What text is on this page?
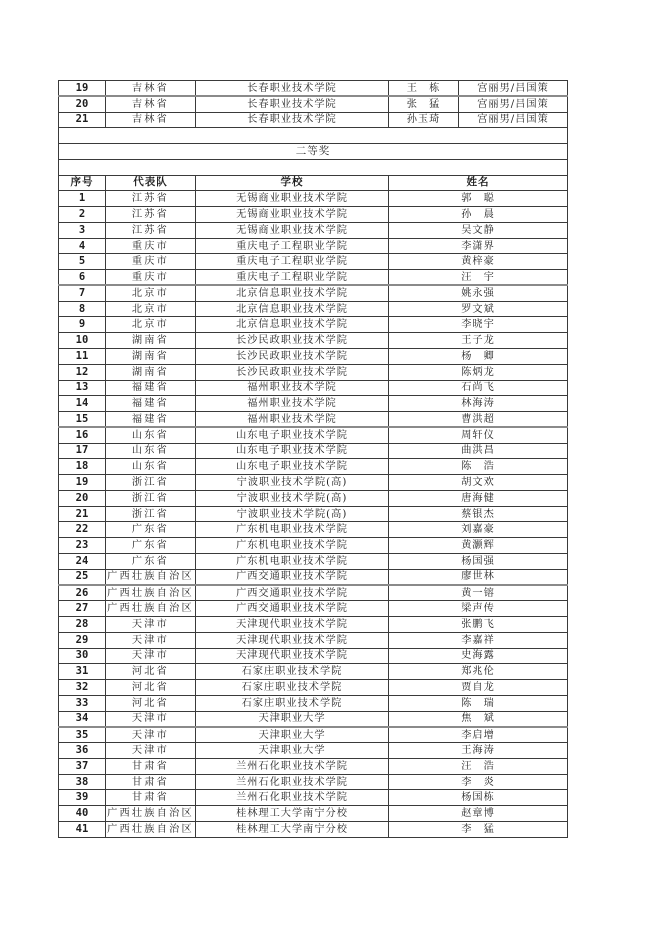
19	吉林省	长春职业技术学院	王　栋	宫丽男/吕国策
20	吉林省	长春职业技术学院	张　猛	宫丽男/吕国策
21	吉林省	长春职业技术学院	孙玉琦	宫丽男/吕国策

二等奖				

序号	代表队	学校	姓名	
1	江苏省	无锡商业职业技术学院	郭　聪	
2	江苏省	无锡商业职业技术学院	孙　晨	
3	江苏省	无锡商业职业技术学院	吴文静	
4	重庆市	重庆电子工程职业学院	李潇界	
5	重庆市	重庆电子工程职业学院	黄梓豪	
6	重庆市	重庆电子工程职业学院	汪　宇	
7	北京市	北京信息职业技术学院	姚永强	
8	北京市	北京信息职业技术学院	罗文斌	
9	北京市	北京信息职业技术学院	李晓宇	
10	湖南省	长沙民政职业技术学院	王子龙	
11	湖南省	长沙民政职业技术学院	杨　卿	
12	湖南省	长沙民政职业技术学院	陈炳龙	
13	福建省	福州职业技术学院	石尚飞	
14	福建省	福州职业技术学院	林海涛	
15	福建省	福州职业技术学院	曹洪超	
16	山东省	山东电子职业技术学院	周轩仪	
17	山东省	山东电子职业技术学院	曲洪昌	
18	山东省	山东电子职业技术学院	陈　浩	
19	浙江省	宁波职业技术学院(高)	胡文欢	
20	浙江省	宁波职业技术学院(高)	唐海健	
21	浙江省	宁波职业技术学院(高)	蔡银杰	
22	广东省	广东机电职业技术学院	刘嘉豪	
23	广东省	广东机电职业技术学院	黄灏辉	
24	广东省	广东机电职业技术学院	杨国强	
25	广西壮族自治区	广西交通职业技术学院	廖世林	
26	广西壮族自治区	广西交通职业技术学院	黄一镕	
27	广西壮族自治区	广西交通职业技术学院	梁声传	
28	天津市	天津现代职业技术学院	张鹏飞	
29	天津市	天津现代职业技术学院	李嘉祥	
30	天津市	天津现代职业技术学院	史海露	
31	河北省	石家庄职业技术学院	郑兆伦	
32	河北省	石家庄职业技术学院	贾自龙	
33	河北省	石家庄职业技术学院	陈　瑞	
34	天津市	天津职业大学	焦　斌	
35	天津市	天津职业大学	李启增	
36	天津市	天津职业大学	王海涛	
37	甘肃省	兰州石化职业技术学院	汪　浩	
38	甘肃省	兰州石化职业技术学院	李　炎	
39	甘肃省	兰州石化职业技术学院	杨国栋	
40	广西壮族自治区	桂林理工大学南宁分校	赵章博	
41	广西壮族自治区	桂林理工大学南宁分校	李　猛	
